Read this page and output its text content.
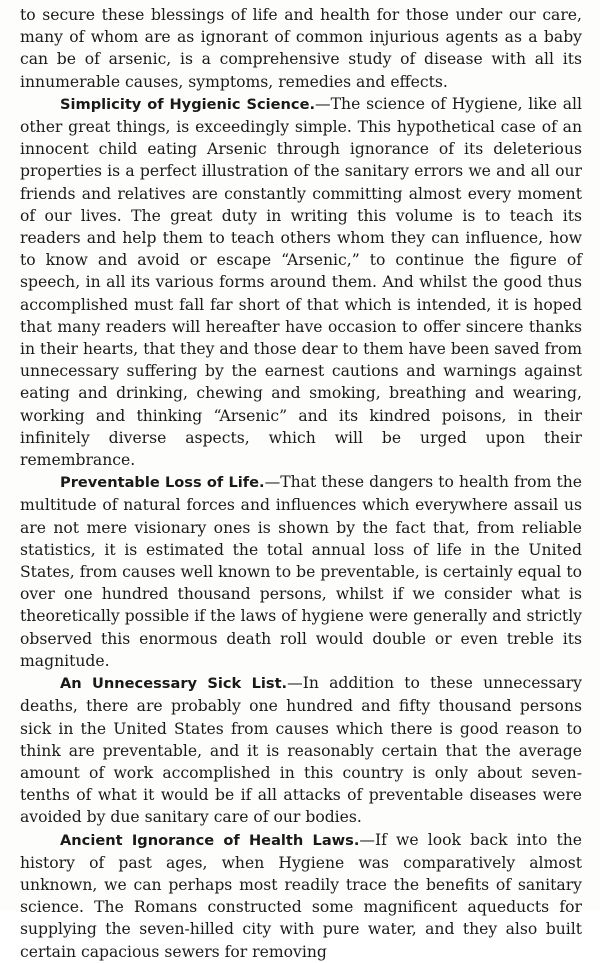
to secure these blessings of life and health for those under our care, many of whom are as ignorant of common injurious agents as a baby can be of arsenic, is a comprehensive study of disease with all its innumerable causes, symptoms, remedies and effects.

Simplicity of Hygienic Science.—The science of Hygiene, like all other great things, is exceedingly simple. This hypothetical case of an innocent child eating Arsenic through ignorance of its deleterious properties is a perfect illustration of the sanitary errors we and all our friends and relatives are constantly committing almost every moment of our lives. The great duty in writing this volume is to teach its readers and help them to teach others whom they can influence, how to know and avoid or escape “Arsenic,” to continue the figure of speech, in all its various forms around them. And whilst the good thus accomplished must fall far short of that which is intended, it is hoped that many readers will hereafter have occasion to offer sincere thanks in their hearts, that they and those dear to them have been saved from unnecessary suffering by the earnest cautions and warnings against eating and drinking, chewing and smoking, breathing and wearing, working and thinking “Arsenic” and its kindred poisons, in their infinitely diverse aspects, which will be urged upon their remembrance.

Preventable Loss of Life.—That these dangers to health from the multitude of natural forces and influences which everywhere assail us are not mere visionary ones is shown by the fact that, from reliable statistics, it is estimated the total annual loss of life in the United States, from causes well known to be preventable, is certainly equal to over one hundred thousand persons, whilst if we consider what is theoretically possible if the laws of hygiene were generally and strictly observed this enormous death roll would double or even treble its magnitude.

An Unnecessary Sick List.—In addition to these unnecessary deaths, there are probably one hundred and fifty thousand persons sick in the United States from causes which there is good reason to think are preventable, and it is reasonably certain that the average amount of work accomplished in this country is only about seven-tenths of what it would be if all attacks of preventable diseases were avoided by due sanitary care of our bodies.

Ancient Ignorance of Health Laws.—If we look back into the history of past ages, when Hygiene was comparatively almost unknown, we can perhaps most readily trace the benefits of sanitary science. The Romans constructed some magnificent aqueducts for supplying the seven-hilled city with pure water, and they also built certain capacious sewers for removing
